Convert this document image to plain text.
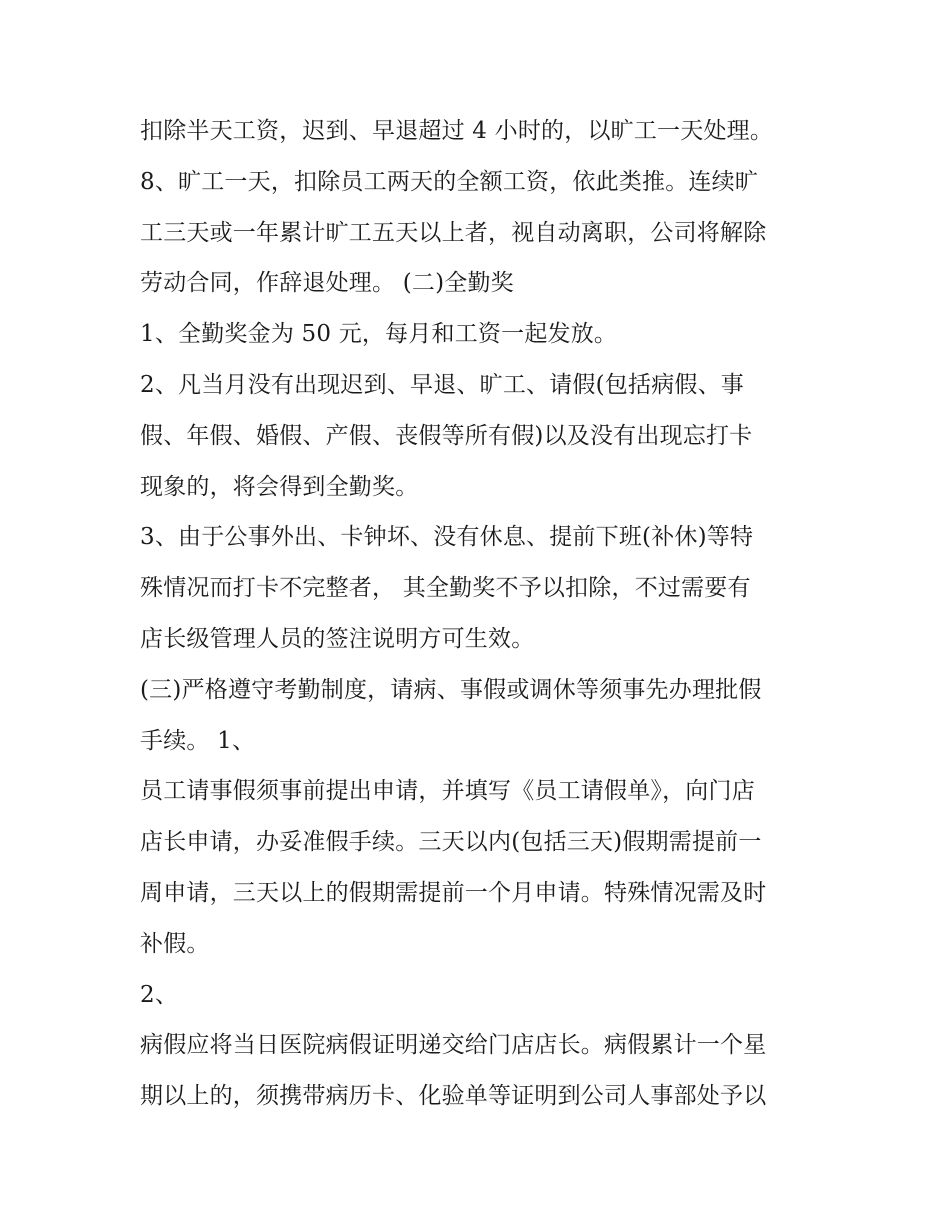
扣除半天工资，迟到、早退超过 4 小时的，以旷工一天处理。
8、旷工一天，扣除员工两天的全额工资，依此类推。连续旷
工三天或一年累计旷工五天以上者，视自动离职，公司将解除
劳动合同，作辞退处理。 (二)全勤奖
1、全勤奖金为 50 元，每月和工资一起发放。
2、凡当月没有出现迟到、早退、旷工、请假(包括病假、事
假、年假、婚假、产假、丧假等所有假)以及没有出现忘打卡
现象的，将会得到全勤奖。
3、由于公事外出、卡钟坏、没有休息、提前下班(补休)等特
殊情况而打卡不完整者， 其全勤奖不予以扣除，不过需要有
店长级管理人员的签注说明方可生效。
(三)严格遵守考勤制度，请病、事假或调休等须事先办理批假
手续。 1、
员工请事假须事前提出申请，并填写《员工请假单》，向门店
店长申请，办妥准假手续。三天以内(包括三天)假期需提前一
周申请，三天以上的假期需提前一个月申请。特殊情况需及时
补假。
2、
病假应将当日医院病假证明递交给门店店长。病假累计一个星
期以上的，须携带病历卡、化验单等证明到公司人事部处予以
